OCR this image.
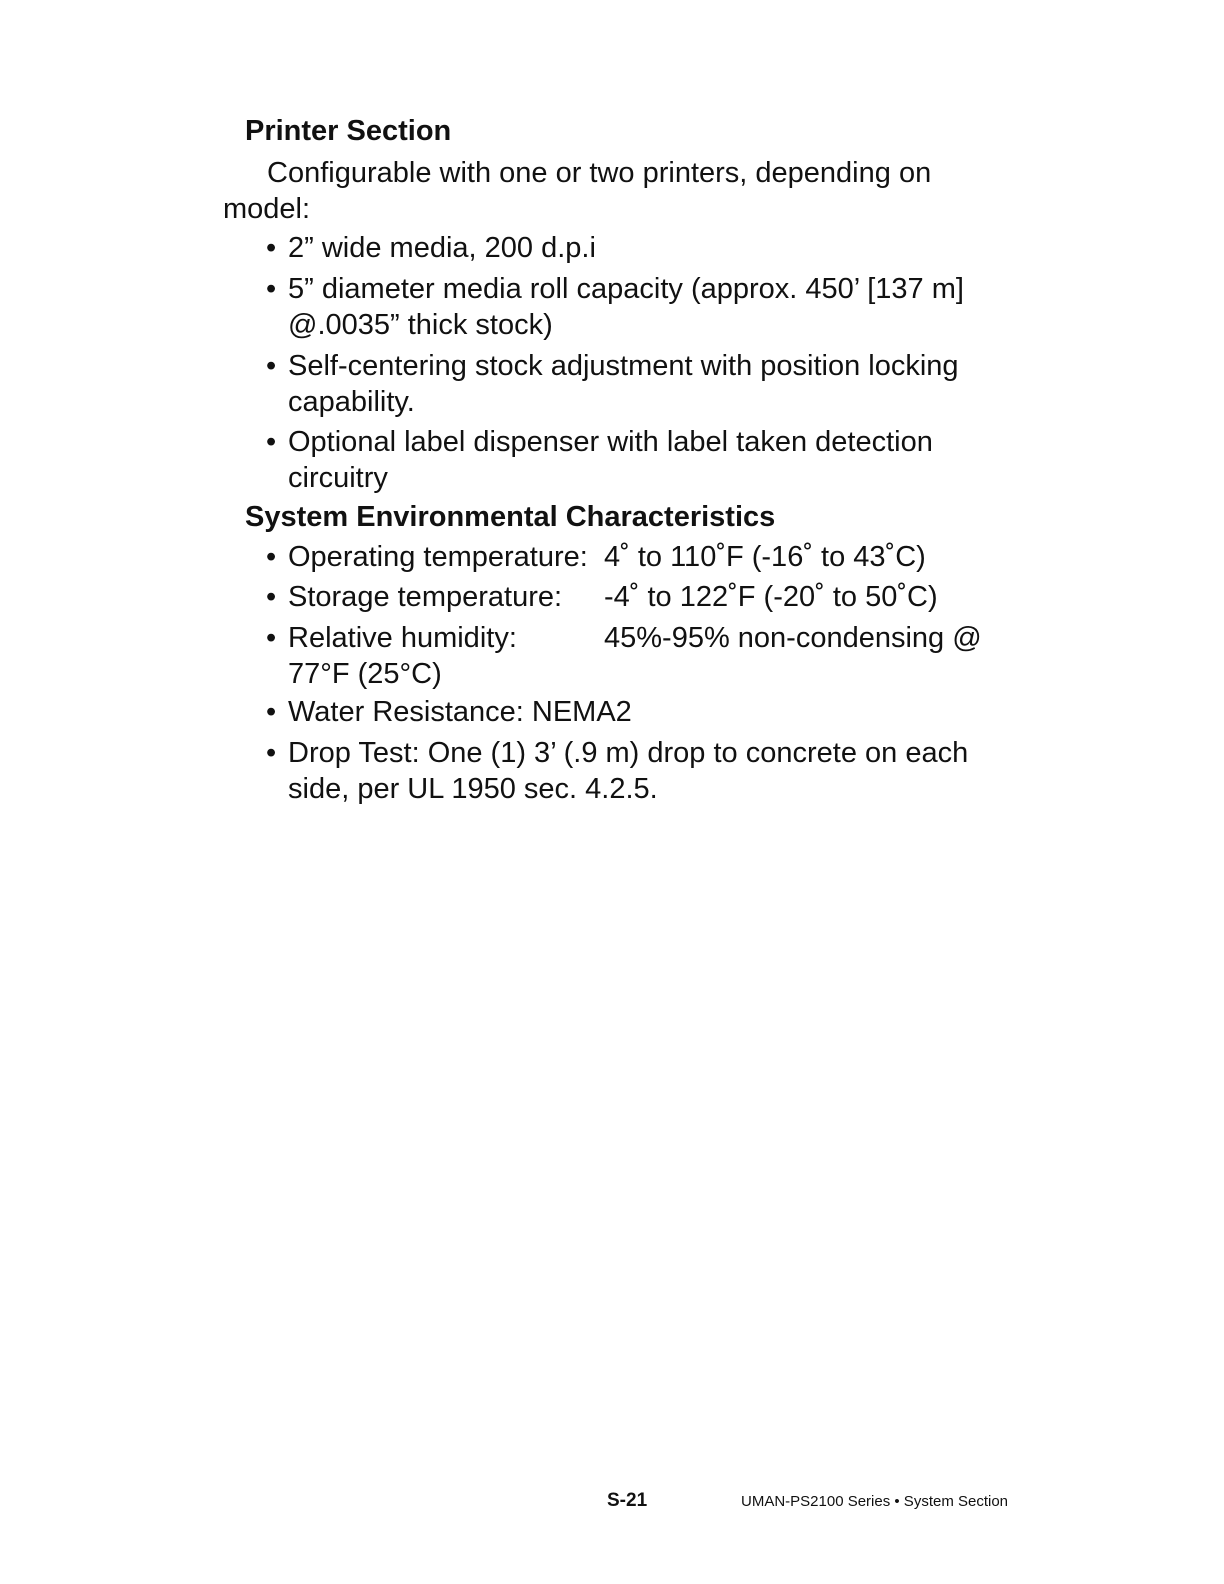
Printer Section

Configurable with one or two printers, depending on
model:

• 2” wide media, 200 d.p.i
• 5” diameter media roll capacity (approx. 450’ [137 m]
@.0035” thick stock)
• Self-centering stock adjustment with position locking
capability.
• Optional label dispenser with label taken detection
circuitry
System Environmental Characteristics
• Operating temperature: 4˚ to 110˚F (-16˚ to 43˚C)
• Storage temperature: -4˚ to 122˚F (-20˚ to 50˚C)
• Relative humidity:	45%-95% non-condensing @

77°F (25°C)
• Water Resistance: NEMA2
• Drop Test: One (1) 3’ (.9 m) drop to concrete on each
side, per UL 1950 sec. 4.2.5.
S-21	UMAN-PS2100 Series • System Section
